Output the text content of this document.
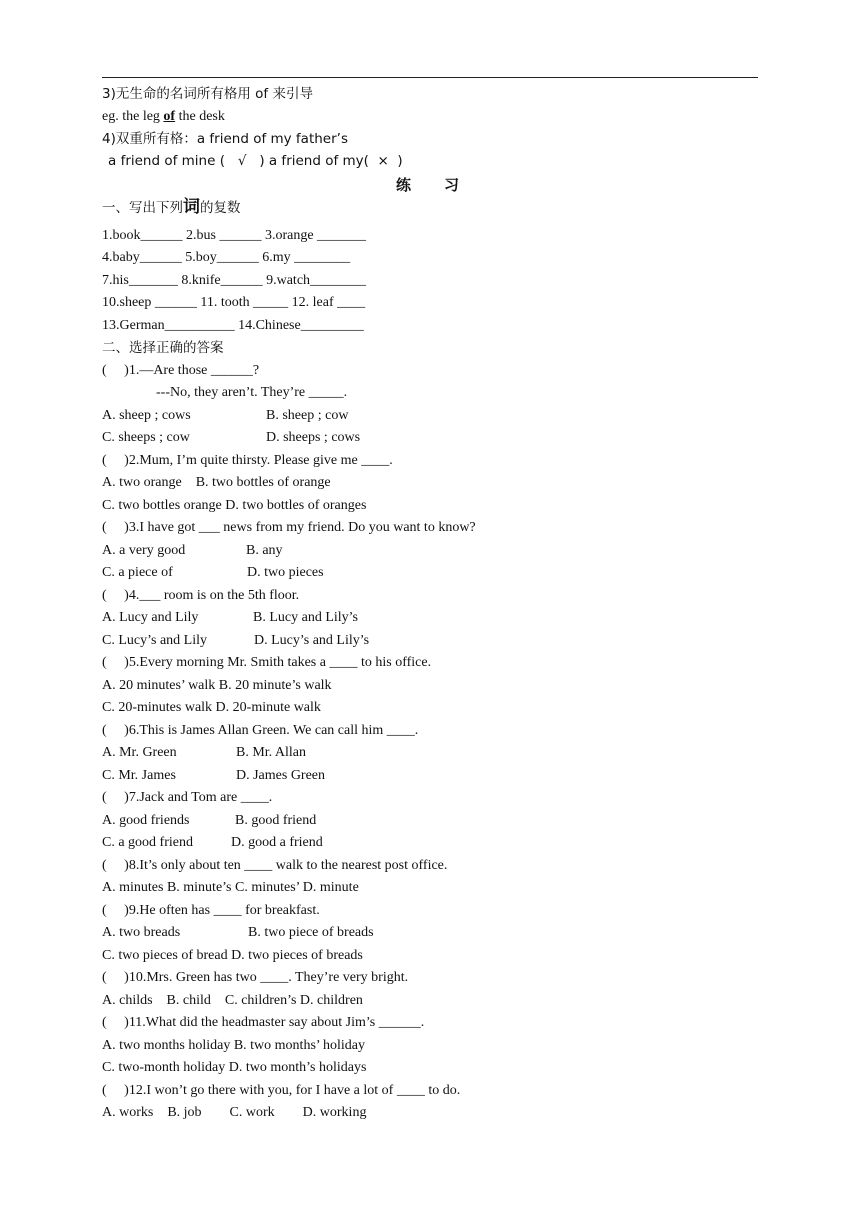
3)无生命的名词所有格用 of 来引导
eg. the leg of the desk
4)双重所有格：a friend of my father’s
a friend of mine (   √   ) a friend of my(  ×  )
练习
一、写出下列词的复数
1.book______ 2.bus ______ 3.orange _______
4.baby______ 5.boy______ 6.my ________
7.his_______ 8.knife______ 9.watch________
10.sheep ______ 11. tooth _____ 12. leaf ____
13.German__________ 14.Chinese_________
二、选择正确的答案
(     )1.—Are those ______?
---No, they aren’t. They’re _____.
A. sheep ; cows	B. sheep ; cow
C. sheeps ; cow	D. sheeps ; cows
(     )2.Mum, I’m quite thirsty. Please give me ____.
A. two orange    B. two bottles of orange
C. two bottles orange D. two bottles of oranges
(     )3.I have got ___ news from my friend. Do you want to know?
A. a very good	B. any
C. a piece of	D. two pieces
(     )4.___ room is on the 5th floor.
A. Lucy and Lily	B. Lucy and Lily’s
C. Lucy’s and Lily	D. Lucy’s and Lily’s
(     )5.Every morning Mr. Smith takes a ____ to his office.
A. 20 minutes’ walk B. 20 minute’s walk
C. 20-minutes walk D. 20-minute walk
(     )6.This is James Allan Green. We can call him ____.
A. Mr. Green	B. Mr. Allan
C. Mr. James	D. James Green
(     )7.Jack and Tom are ____.
A. good friends	B. good friend
C. a good friend	D. good a friend
(     )8.It’s only about ten ____ walk to the nearest post office.
A. minutes B. minute’s C. minutes’ D. minute
(     )9.He often has ____ for breakfast.
A. two breads	B. two piece of breads
C. two pieces of bread D. two pieces of breads
(     )10.Mrs. Green has two ____. They’re very bright.
A. childs    B. child    C. children’s D. children
(     )11.What did the headmaster say about Jim’s ______.
A. two months holiday B. two months’ holiday
C. two-month holiday D. two month’s holidays
(     )12.I won’t go there with you, for I have a lot of ____ to do.
A. works    B. job        C. work        D. working
